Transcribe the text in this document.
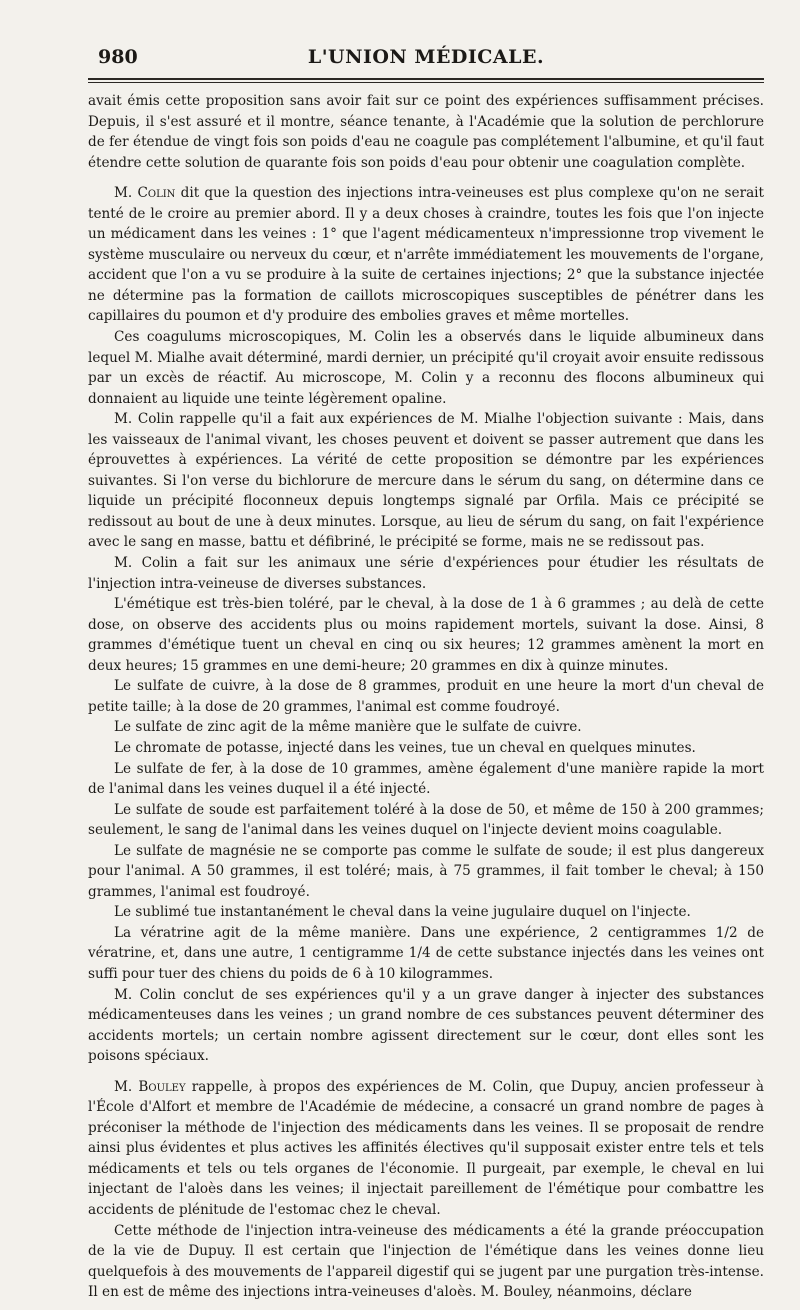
980	L'UNION MÉDICALE.

avait émis cette proposition sans avoir fait sur ce point des expériences suffisamment précises. Depuis, il s'est assuré et il montre, séance tenante, à l'Académie que la solution de perchlorure de fer étendue de vingt fois son poids d'eau ne coagule pas complétement l'albumine, et qu'il faut étendre cette solution de quarante fois son poids d'eau pour obtenir une coagulation complète.

M. Colin dit que la question des injections intra-veineuses est plus complexe qu'on ne serait tenté de le croire au premier abord. Il y a deux choses à craindre, toutes les fois que l'on injecte un médicament dans les veines : 1° que l'agent médicamenteux n'impressionne trop vivement le système musculaire ou nerveux du cœur, et n'arrête immédiatement les mouvements de l'organe, accident que l'on a vu se produire à la suite de certaines injections; 2° que la substance injectée ne détermine pas la formation de caillots microscopiques susceptibles de pénétrer dans les capillaires du poumon et d'y produire des embolies graves et même mortelles.

Ces coagulums microscopiques, M. Colin les a observés dans le liquide albumineux dans lequel M. Mialhe avait déterminé, mardi dernier, un précipité qu'il croyait avoir ensuite redissous par un excès de réactif. Au microscope, M. Colin y a reconnu des flocons albumineux qui donnaient au liquide une teinte légèrement opaline.

M. Colin rappelle qu'il a fait aux expériences de M. Mialhe l'objection suivante : Mais, dans les vaisseaux de l'animal vivant, les choses peuvent et doivent se passer autrement que dans les éprouvettes à expériences. La vérité de cette proposition se démontre par les expériences suivantes. Si l'on verse du bichlorure de mercure dans le sérum du sang, on détermine dans ce liquide un précipité floconneux depuis longtemps signalé par Orfila. Mais ce précipité se redissout au bout de une à deux minutes. Lorsque, au lieu de sérum du sang, on fait l'expérience avec le sang en masse, battu et défibriné, le précipité se forme, mais ne se redissout pas.

M. Colin a fait sur les animaux une série d'expériences pour étudier les résultats de l'injection intra-veineuse de diverses substances.

L'émétique est très-bien toléré, par le cheval, à la dose de 1 à 6 grammes ; au delà de cette dose, on observe des accidents plus ou moins rapidement mortels, suivant la dose. Ainsi, 8 grammes d'émétique tuent un cheval en cinq ou six heures; 12 grammes amènent la mort en deux heures; 15 grammes en une demi-heure; 20 grammes en dix à quinze minutes.

Le sulfate de cuivre, à la dose de 8 grammes, produit en une heure la mort d'un cheval de petite taille; à la dose de 20 grammes, l'animal est comme foudroyé.

Le sulfate de zinc agit de la même manière que le sulfate de cuivre.

Le chromate de potasse, injecté dans les veines, tue un cheval en quelques minutes.

Le sulfate de fer, à la dose de 10 grammes, amène également d'une manière rapide la mort de l'animal dans les veines duquel il a été injecté.

Le sulfate de soude est parfaitement toléré à la dose de 50, et même de 150 à 200 grammes; seulement, le sang de l'animal dans les veines duquel on l'injecte devient moins coagulable.

Le sulfate de magnésie ne se comporte pas comme le sulfate de soude; il est plus dangereux pour l'animal. A 50 grammes, il est toléré; mais, à 75 grammes, il fait tomber le cheval; à 150 grammes, l'animal est foudroyé.

Le sublimé tue instantanément le cheval dans la veine jugulaire duquel on l'injecte.

La vératrine agit de la même manière. Dans une expérience, 2 centigrammes 1/2 de vératrine, et, dans une autre, 1 centigramme 1/4 de cette substance injectés dans les veines ont suffi pour tuer des chiens du poids de 6 à 10 kilogrammes.

M. Colin conclut de ses expériences qu'il y a un grave danger à injecter des substances médicamenteuses dans les veines ; un grand nombre de ces substances peuvent déterminer des accidents mortels; un certain nombre agissent directement sur le cœur, dont elles sont les poisons spéciaux.

M. Bouley rappelle, à propos des expériences de M. Colin, que Dupuy, ancien professeur à l'École d'Alfort et membre de l'Académie de médecine, a consacré un grand nombre de pages à préconiser la méthode de l'injection des médicaments dans les veines. Il se proposait de rendre ainsi plus évidentes et plus actives les affinités électives qu'il supposait exister entre tels et tels médicaments et tels ou tels organes de l'économie. Il purgeait, par exemple, le cheval en lui injectant de l'aloès dans les veines; il injectait pareillement de l'émétique pour combattre les accidents de plénitude de l'estomac chez le cheval.

Cette méthode de l'injection intra-veineuse des médicaments a été la grande préoccupation de la vie de Dupuy. Il est certain que l'injection de l'émétique dans les veines donne lieu quelquefois à des mouvements de l'appareil digestif qui se jugent par une purgation très-intense. Il en est de même des injections intra-veineuses d'aloès. M. Bouley, néanmoins, déclare
